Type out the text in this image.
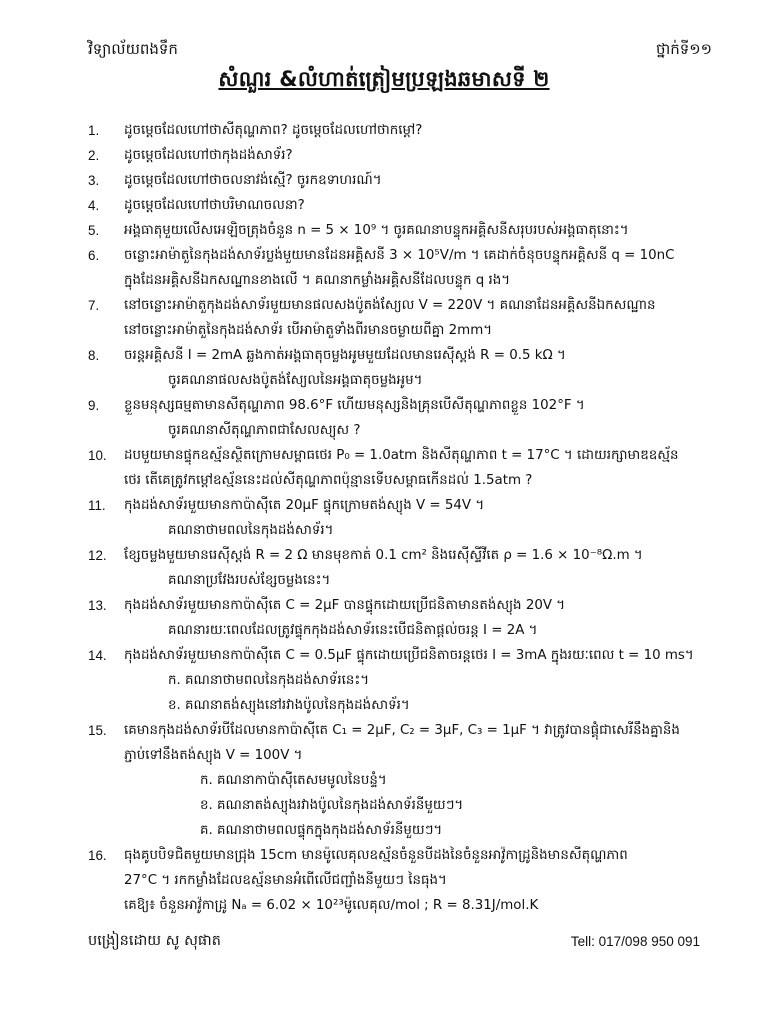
វិទ្យាល័យពងទឹក	ថ្នាក់ទី១១
សំណួរ &លំហាត់ត្រៀមប្រឡងឆមាសទី ២
1.	ដូចម្តេចដែលហៅថាសីតុណ្ហភាព? ដូចម្តេចដែលហៅថាកម្តៅ?
2.	ដូចម្តេចដែលហៅថាកុងដង់សាទ័រ?
3.	ដូចម្តេចដែលហៅថាចលនាវង់ស្មើ? ចូរកឧទាហរណ៍។
4.	ដូចម្តេចដែលហៅថាបរិមាណចលនា?
5.	អង្គធាតុមួយលើសអេឡិចត្រុងចំនួន n = 5 × 10⁹ ។ ចូរគណនាបន្ទុកអគ្គិសនីសរុបរបស់អង្គធាតុនោះ។
6.	ចន្លោះអាម៉ាតួនៃកុងដង់សាទ័រប្លង់មួយមានដែនអគ្គិសនី 3 × 10⁵V/m ។ គេដាក់ចំនុចបន្ទុកអគ្គិសនី q = 10nC
ក្នុងដែនអគ្គិសនីឯកសណ្ឋានខាងលើ ។ គណនាកម្លាំងអគ្គិសនីដែលបន្ទុក q រង។
7.	នៅចន្លោះអាម៉ាតួកុងដង់សាទ័រមួយមានផលសងប៉ូតង់ស្យែល V = 220V ។ គណនាដែនអគ្គិសនីឯកសណ្ឋាន
នៅចន្លោះអាម៉ាតួនៃកុងដង់សាទ័រ បើអាម៉ាតួទាំងពីរមានចម្ងាយពីគ្នា 2mm។
8.	ចរន្តអគ្គិសនី I = 2mA ឆ្លងកាត់អង្គធាតុចម្លងអូមមួយដែលមានរេស៊ីស្តង់ R = 0.5 kΩ ។
ចូរគណនាផលសងប៉ូតង់ស្យែលនៃអង្គធាតុចម្លងអូម។
9.	ខ្លួនមនុស្សធម្មតាមានសីតុណ្ហភាព 98.6°F ហើយមនុស្សនិងគ្រុនបើសីតុណ្ហភាពខ្លួន 102°F ។
ចូរគណនាសីតុណ្ហភាពជាសែលស្យុស ?
10.	ដបមួយមានផ្ទុកឧស្ម័នស្ថិតក្រោមសម្ពាធថេរ P₀ = 1.0atm និងសីតុណ្ហភាព t = 17°C ។ ដោយរក្សាមាឌឧស្ម័ន
ថេរ តើគេត្រូវកម្តៅឧស្ម័ននេះដល់សីតុណ្ហភាពប៉ុន្មានទើបសម្ពាធកើនដល់ 1.5atm ?
11.	កុងដង់សាទ័រមួយមានកាប៉ាស៊ីតេ 20μF ផ្ទុកក្រោមតង់ស្យុង V = 54V ។
គណនាថាមពលនៃកុងដង់សាទ័រ។
12.	ខ្សែចម្លងមួយមានរេស៊ីស្តង់ R = 2 Ω មានមុខកាត់ 0.1 cm² និងរេស៊ីស្ទីវីតេ ρ = 1.6 × 10⁻⁸Ω.m ។
គណនាប្រវែងរបស់ខ្សែចម្លងនេះ។
13.	កុងដង់សាទ័រមួយមានកាប៉ាស៊ីតេ C = 2μF បានផ្ទុកដោយប្រើជនិតាមានតង់ស្យុង 20V ។
គណនារយៈពេលដែលត្រូវផ្ទុកកុងដង់សាទ័រនេះបើជនិតាផ្តល់ចរន្ត I = 2A ។
14.	កុងដង់សាទ័រមួយមានកាប៉ាស៊ីតេ C = 0.5μF ផ្ទុកដោយប្រើជនិតាចរន្តថេរ I = 3mA ក្នុងរយៈពេល t = 10 ms។
ក. គណនាថាមពលនៃកុងដង់សាទ័រនេះ។
ខ. គណនាតង់ស្យុងនៅរវាងប៉ូលនៃកុងដង់សាទ័រ។
15.	គេមានកុងដង់សាទ័របីដែលមានកាប៉ាស៊ីតេ C₁ = 2μF, C₂ = 3μF, C₃ = 1μF ។ វាត្រូវបានផ្គុំជាសេរីនឹងគ្នានិង
ភ្ជាប់ទៅនឹងតង់ស្យុង V = 100V ។
ក. គណនាកាប៉ាស៊ីតេសមមូលនៃបន្ទំ។
ខ. គណនាតង់ស្យុងរវាងប៉ូលនៃកុងដង់សាទ័រនីមួយៗ។
គ. គណនាថាមពលផ្ទុកក្នុងកុងដង់សាទ័រនីមួយៗ។
16.	ធុងគូបបិទជិតមួយមានជ្រុង 15cm មានម៉ូលេគុលឧស្ម័នចំនួនបីដងនៃចំនួនអាវ៉ូកាដ្រូនិងមានសីតុណ្ហភាព
27°C ។ រកកម្លាំងដែលឧស្ម័នមានអំពើលើជញ្ជាំងនីមួយៗ នៃធុង។
គេឱ្យ៖ ចំនួនអាវ៉ូកាដ្រូ Nₐ = 6.02 × 10²³ម៉ូលេគុល/mol ; R = 8.31J/mol.K
បង្រៀនដោយ សូ សុផាត	Tell: 017/098 950 091
